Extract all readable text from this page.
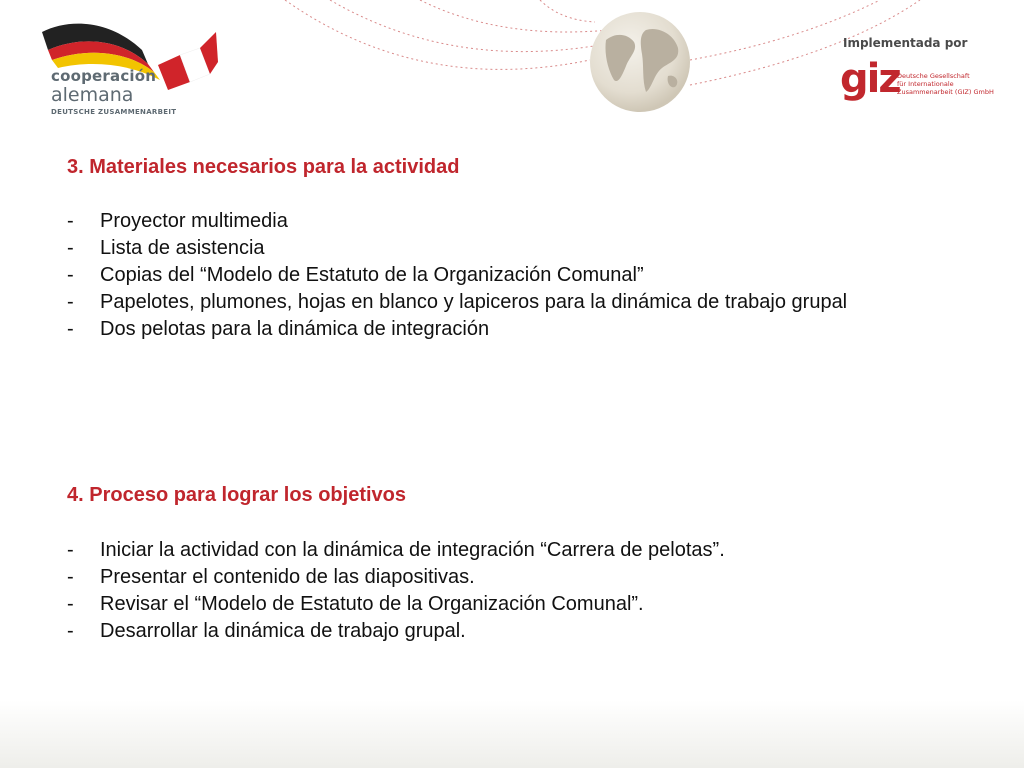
cooperación

alemana

DEUTSCHE ZUSAMMENARBEIT

Implementada por

giz

Deutsche Gesellschaft
für Internationale
Zusammenarbeit (GIZ) GmbH
3. Materiales necesarios para la actividad
- Proyector multimedia
- Lista de asistencia
- Copias del “Modelo de Estatuto de la Organización Comunal”
- Papelotes, plumones, hojas en blanco y lapiceros para la dinámica de trabajo grupal
- Dos pelotas para la dinámica de integración
4. Proceso para lograr los objetivos
- Iniciar la actividad con la dinámica de integración “Carrera de pelotas”.
- Presentar el contenido de las diapositivas.
- Revisar el “Modelo de Estatuto de la Organización Comunal”.
- Desarrollar la dinámica de trabajo grupal.
